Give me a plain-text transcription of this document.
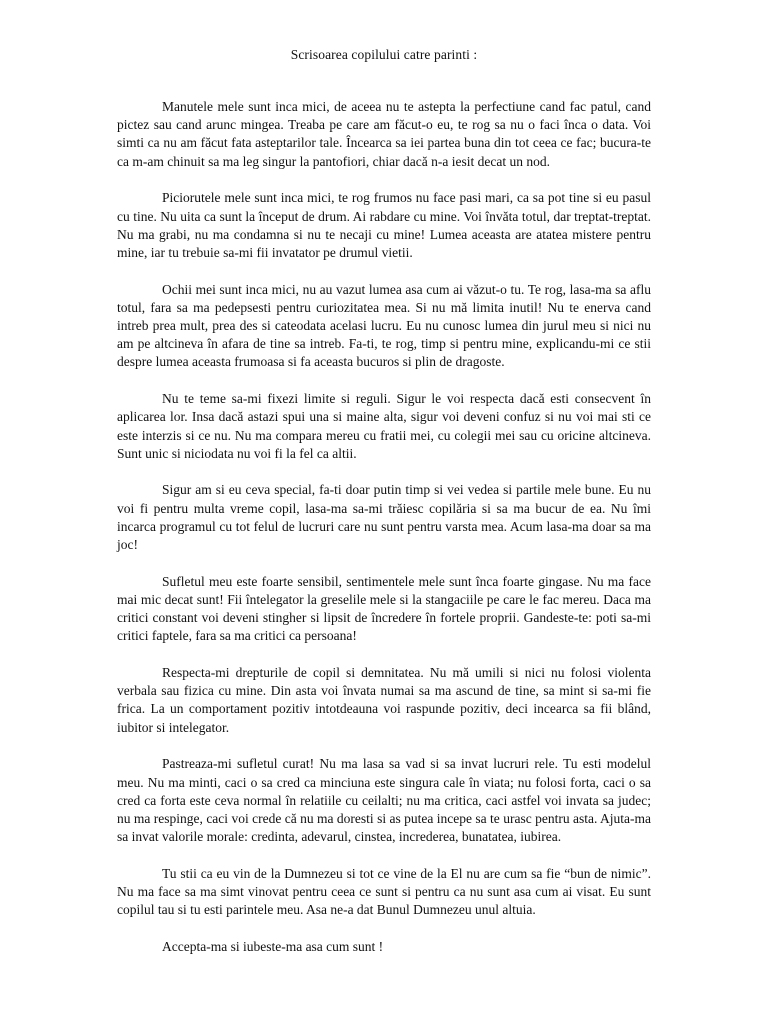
Scrisoarea copilului catre parinti :

Manutele mele sunt inca mici, de aceea nu te astepta la perfectiune cand fac patul, cand pictez sau cand arunc mingea. Treaba pe care am făcut-o eu, te rog sa nu o faci înca o data. Voi simti ca nu am făcut fata asteptarilor tale. Încearca sa iei partea buna din tot ceea ce fac; bucura-te ca m-am chinuit sa ma leg singur la pantofiori, chiar dacă n-a iesit decat un nod.

Piciorutele mele sunt inca mici, te rog frumos nu face pasi mari, ca sa pot tine si eu pasul cu tine. Nu uita ca sunt la început de drum. Ai rabdare cu mine. Voi învăta totul, dar treptat-treptat. Nu ma grabi, nu ma condamna si nu te necaji cu mine! Lumea aceasta are atatea mistere pentru mine, iar tu trebuie sa-mi fii invatator pe drumul vietii.

Ochii mei sunt inca mici, nu au vazut lumea asa cum ai văzut-o tu. Te rog, lasa-ma sa aflu totul, fara sa ma pedepsesti pentru curiozitatea mea. Si nu mă limita inutil! Nu te enerva cand intreb prea mult, prea des si cateodata acelasi lucru. Eu nu cunosc lumea din jurul meu si nici nu am pe altcineva în afara de tine sa intreb. Fa-ti, te rog, timp si pentru mine, explicandu-mi ce stii despre lumea aceasta frumoasa si fa aceasta bucuros si plin de dragoste.

Nu te teme sa-mi fixezi limite si reguli. Sigur le voi respecta dacă esti consecvent în aplicarea lor. Insa dacă astazi spui una si maine alta, sigur voi deveni confuz si nu voi mai sti ce este interzis si ce nu. Nu ma compara mereu cu fratii mei, cu colegii mei sau cu oricine altcineva. Sunt unic si niciodata nu voi fi la fel ca altii.

Sigur am si eu ceva special, fa-ti doar putin timp si vei vedea si partile mele bune. Eu nu voi fi pentru multa vreme copil, lasa-ma sa-mi trăiesc copilăria si sa ma bucur de ea. Nu îmi incarca programul cu tot felul de lucruri care nu sunt pentru varsta mea. Acum lasa-ma doar sa ma joc!

Sufletul meu este foarte sensibil, sentimentele mele sunt înca foarte gingase. Nu ma face mai mic decat sunt! Fii întelegator la greselile mele si la stangaciile pe care le fac mereu. Daca ma critici constant voi deveni stingher si lipsit de încredere în fortele proprii. Gandeste-te: poti sa-mi critici faptele, fara sa ma critici ca persoana!

Respecta-mi drepturile de copil si demnitatea. Nu mă umili si nici nu folosi violenta verbala sau fizica cu mine. Din asta voi învata numai sa ma ascund de tine, sa mint si sa-mi fie frica. La un comportament pozitiv intotdeauna voi raspunde pozitiv, deci incearca sa fii blând, iubitor si intelegator.

Pastreaza-mi sufletul curat! Nu ma lasa sa vad si sa invat lucruri rele. Tu esti modelul meu. Nu ma minti, caci o sa cred ca minciuna este singura cale în viata; nu folosi forta, caci o sa cred ca forta este ceva normal în relatiile cu ceilalti; nu ma critica, caci astfel voi invata sa judec; nu ma respinge, caci voi crede că nu ma doresti si as putea incepe sa te urasc pentru asta. Ajuta-ma sa invat valorile morale: credinta, adevarul, cinstea, increderea, bunatatea, iubirea.

Tu stii ca eu vin de la Dumnezeu si tot ce vine de la El nu are cum sa fie “bun de nimic”. Nu ma face sa ma simt vinovat pentru ceea ce sunt si pentru ca nu sunt asa cum ai visat. Eu sunt copilul tau si tu esti parintele meu. Asa ne-a dat Bunul Dumnezeu unul altuia.

Accepta-ma si iubeste-ma asa cum sunt !
